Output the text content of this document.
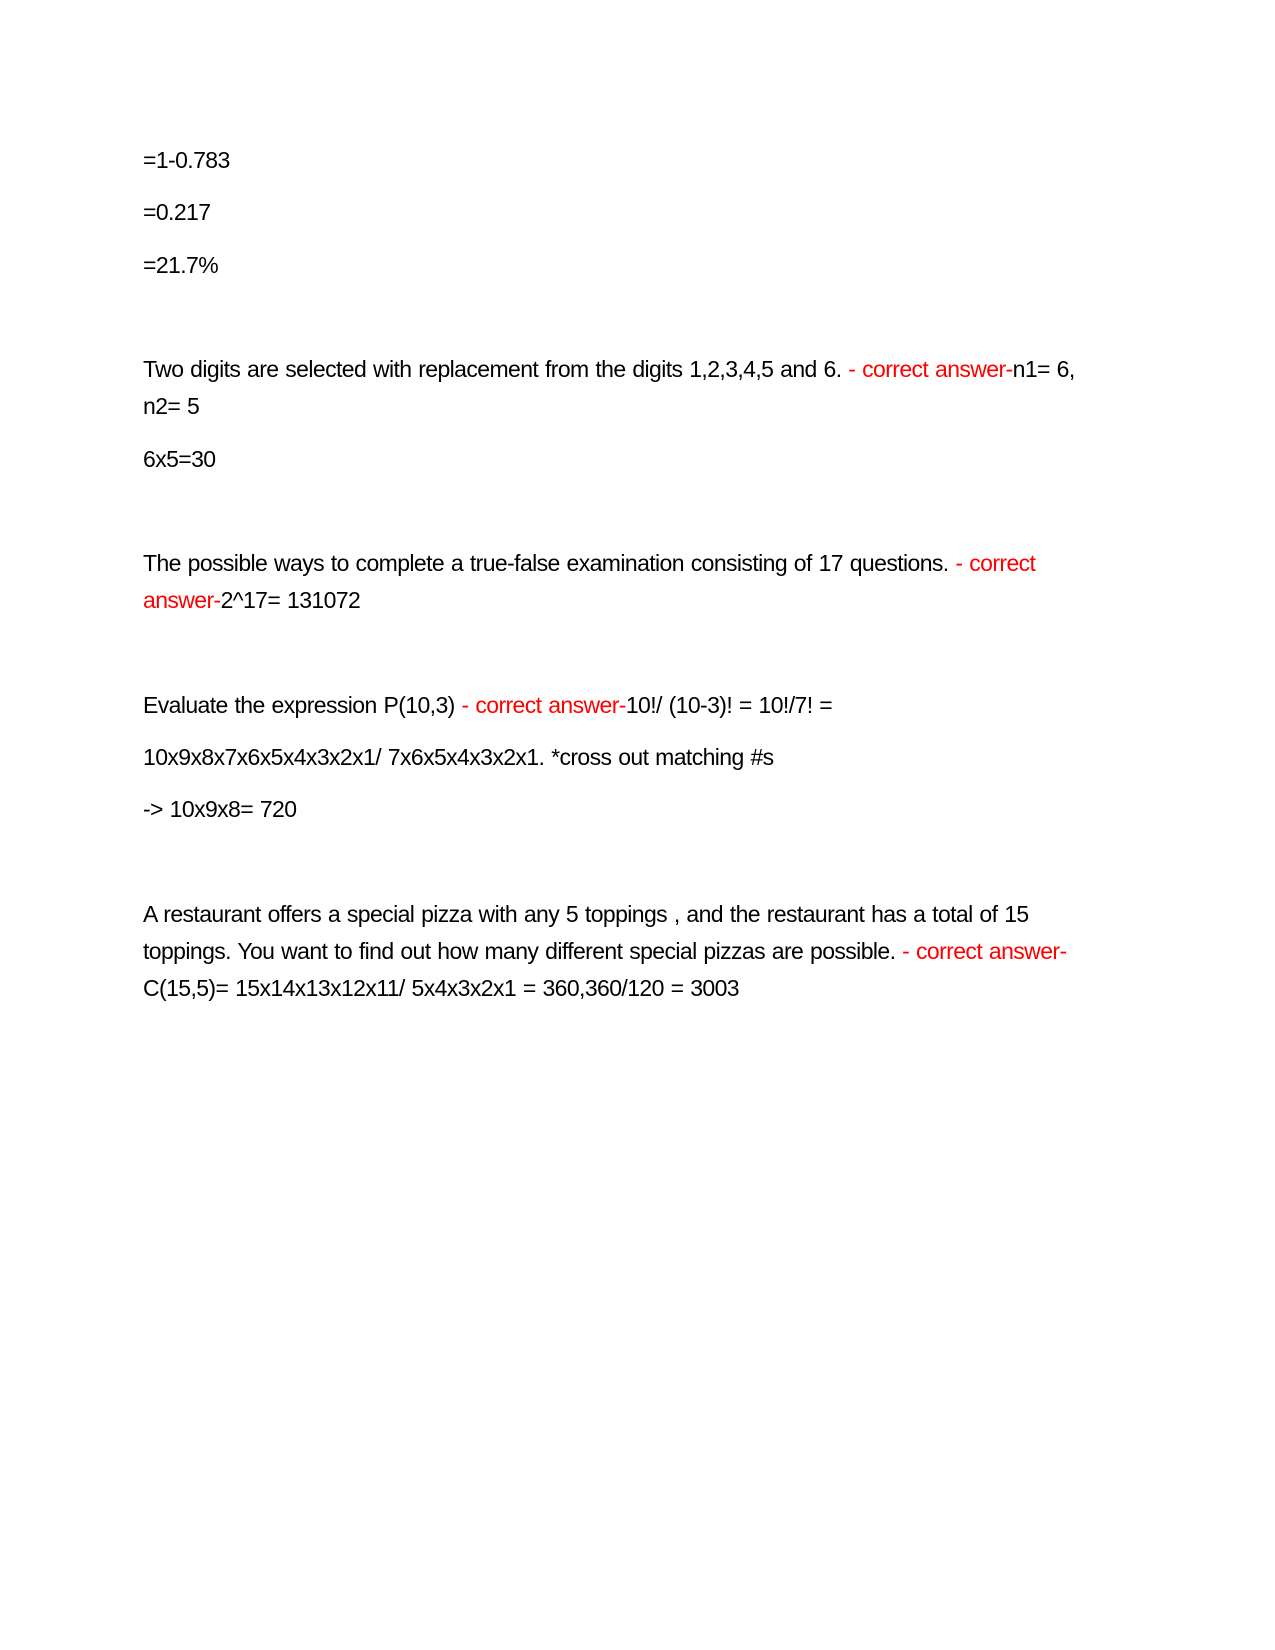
=1-0.783
=0.217
=21.7%
Two digits are selected with replacement from the digits 1,2,3,4,5 and 6. - correct answer-n1= 6, n2= 5
6x5=30
The possible ways to complete a true-false examination consisting of 17 questions. - correct answer-2^17= 131072
Evaluate the expression P(10,3) - correct answer-10!/ (10-3)! = 10!/7! =
10x9x8x7x6x5x4x3x2x1/ 7x6x5x4x3x2x1. *cross out matching #s
-> 10x9x8= 720
A restaurant offers a special pizza with any 5 toppings , and the restaurant has a total of 15 toppings. You want to find out how many different special pizzas are possible. - correct answer-C(15,5)= 15x14x13x12x11/ 5x4x3x2x1 = 360,360/120 = 3003
